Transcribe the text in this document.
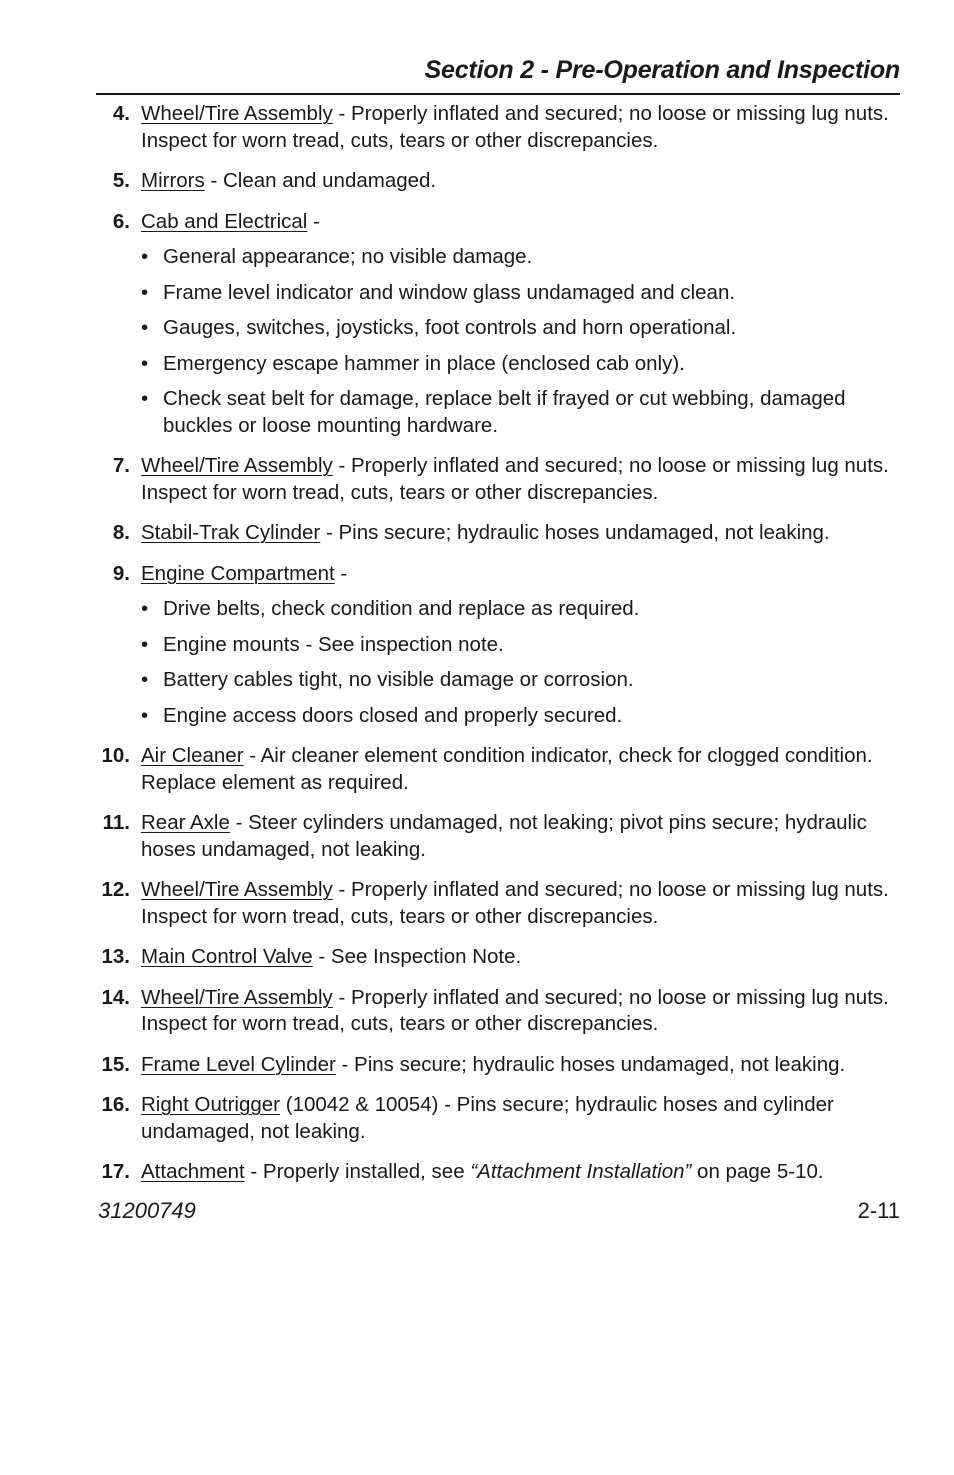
Section 2 - Pre-Operation and Inspection
4. Wheel/Tire Assembly - Properly inflated and secured; no loose or missing lug nuts. Inspect for worn tread, cuts, tears or other discrepancies.
5. Mirrors - Clean and undamaged.
6. Cab and Electrical -
• General appearance; no visible damage.
• Frame level indicator and window glass undamaged and clean.
• Gauges, switches, joysticks, foot controls and horn operational.
• Emergency escape hammer in place (enclosed cab only).
• Check seat belt for damage, replace belt if frayed or cut webbing, damaged buckles or loose mounting hardware.
7. Wheel/Tire Assembly - Properly inflated and secured; no loose or missing lug nuts. Inspect for worn tread, cuts, tears or other discrepancies.
8. Stabil-Trak Cylinder - Pins secure; hydraulic hoses undamaged, not leaking.
9. Engine Compartment -
• Drive belts, check condition and replace as required.
• Engine mounts - See inspection note.
• Battery cables tight, no visible damage or corrosion.
• Engine access doors closed and properly secured.
10. Air Cleaner - Air cleaner element condition indicator, check for clogged condition. Replace element as required.
11. Rear Axle - Steer cylinders undamaged, not leaking; pivot pins secure; hydraulic hoses undamaged, not leaking.
12. Wheel/Tire Assembly - Properly inflated and secured; no loose or missing lug nuts. Inspect for worn tread, cuts, tears or other discrepancies.
13. Main Control Valve - See Inspection Note.
14. Wheel/Tire Assembly - Properly inflated and secured; no loose or missing lug nuts. Inspect for worn tread, cuts, tears or other discrepancies.
15. Frame Level Cylinder - Pins secure; hydraulic hoses undamaged, not leaking.
16. Right Outrigger (10042 & 10054) - Pins secure; hydraulic hoses and cylinder undamaged, not leaking.
17. Attachment - Properly installed, see “Attachment Installation” on page 5-10.
31200749	2-11
